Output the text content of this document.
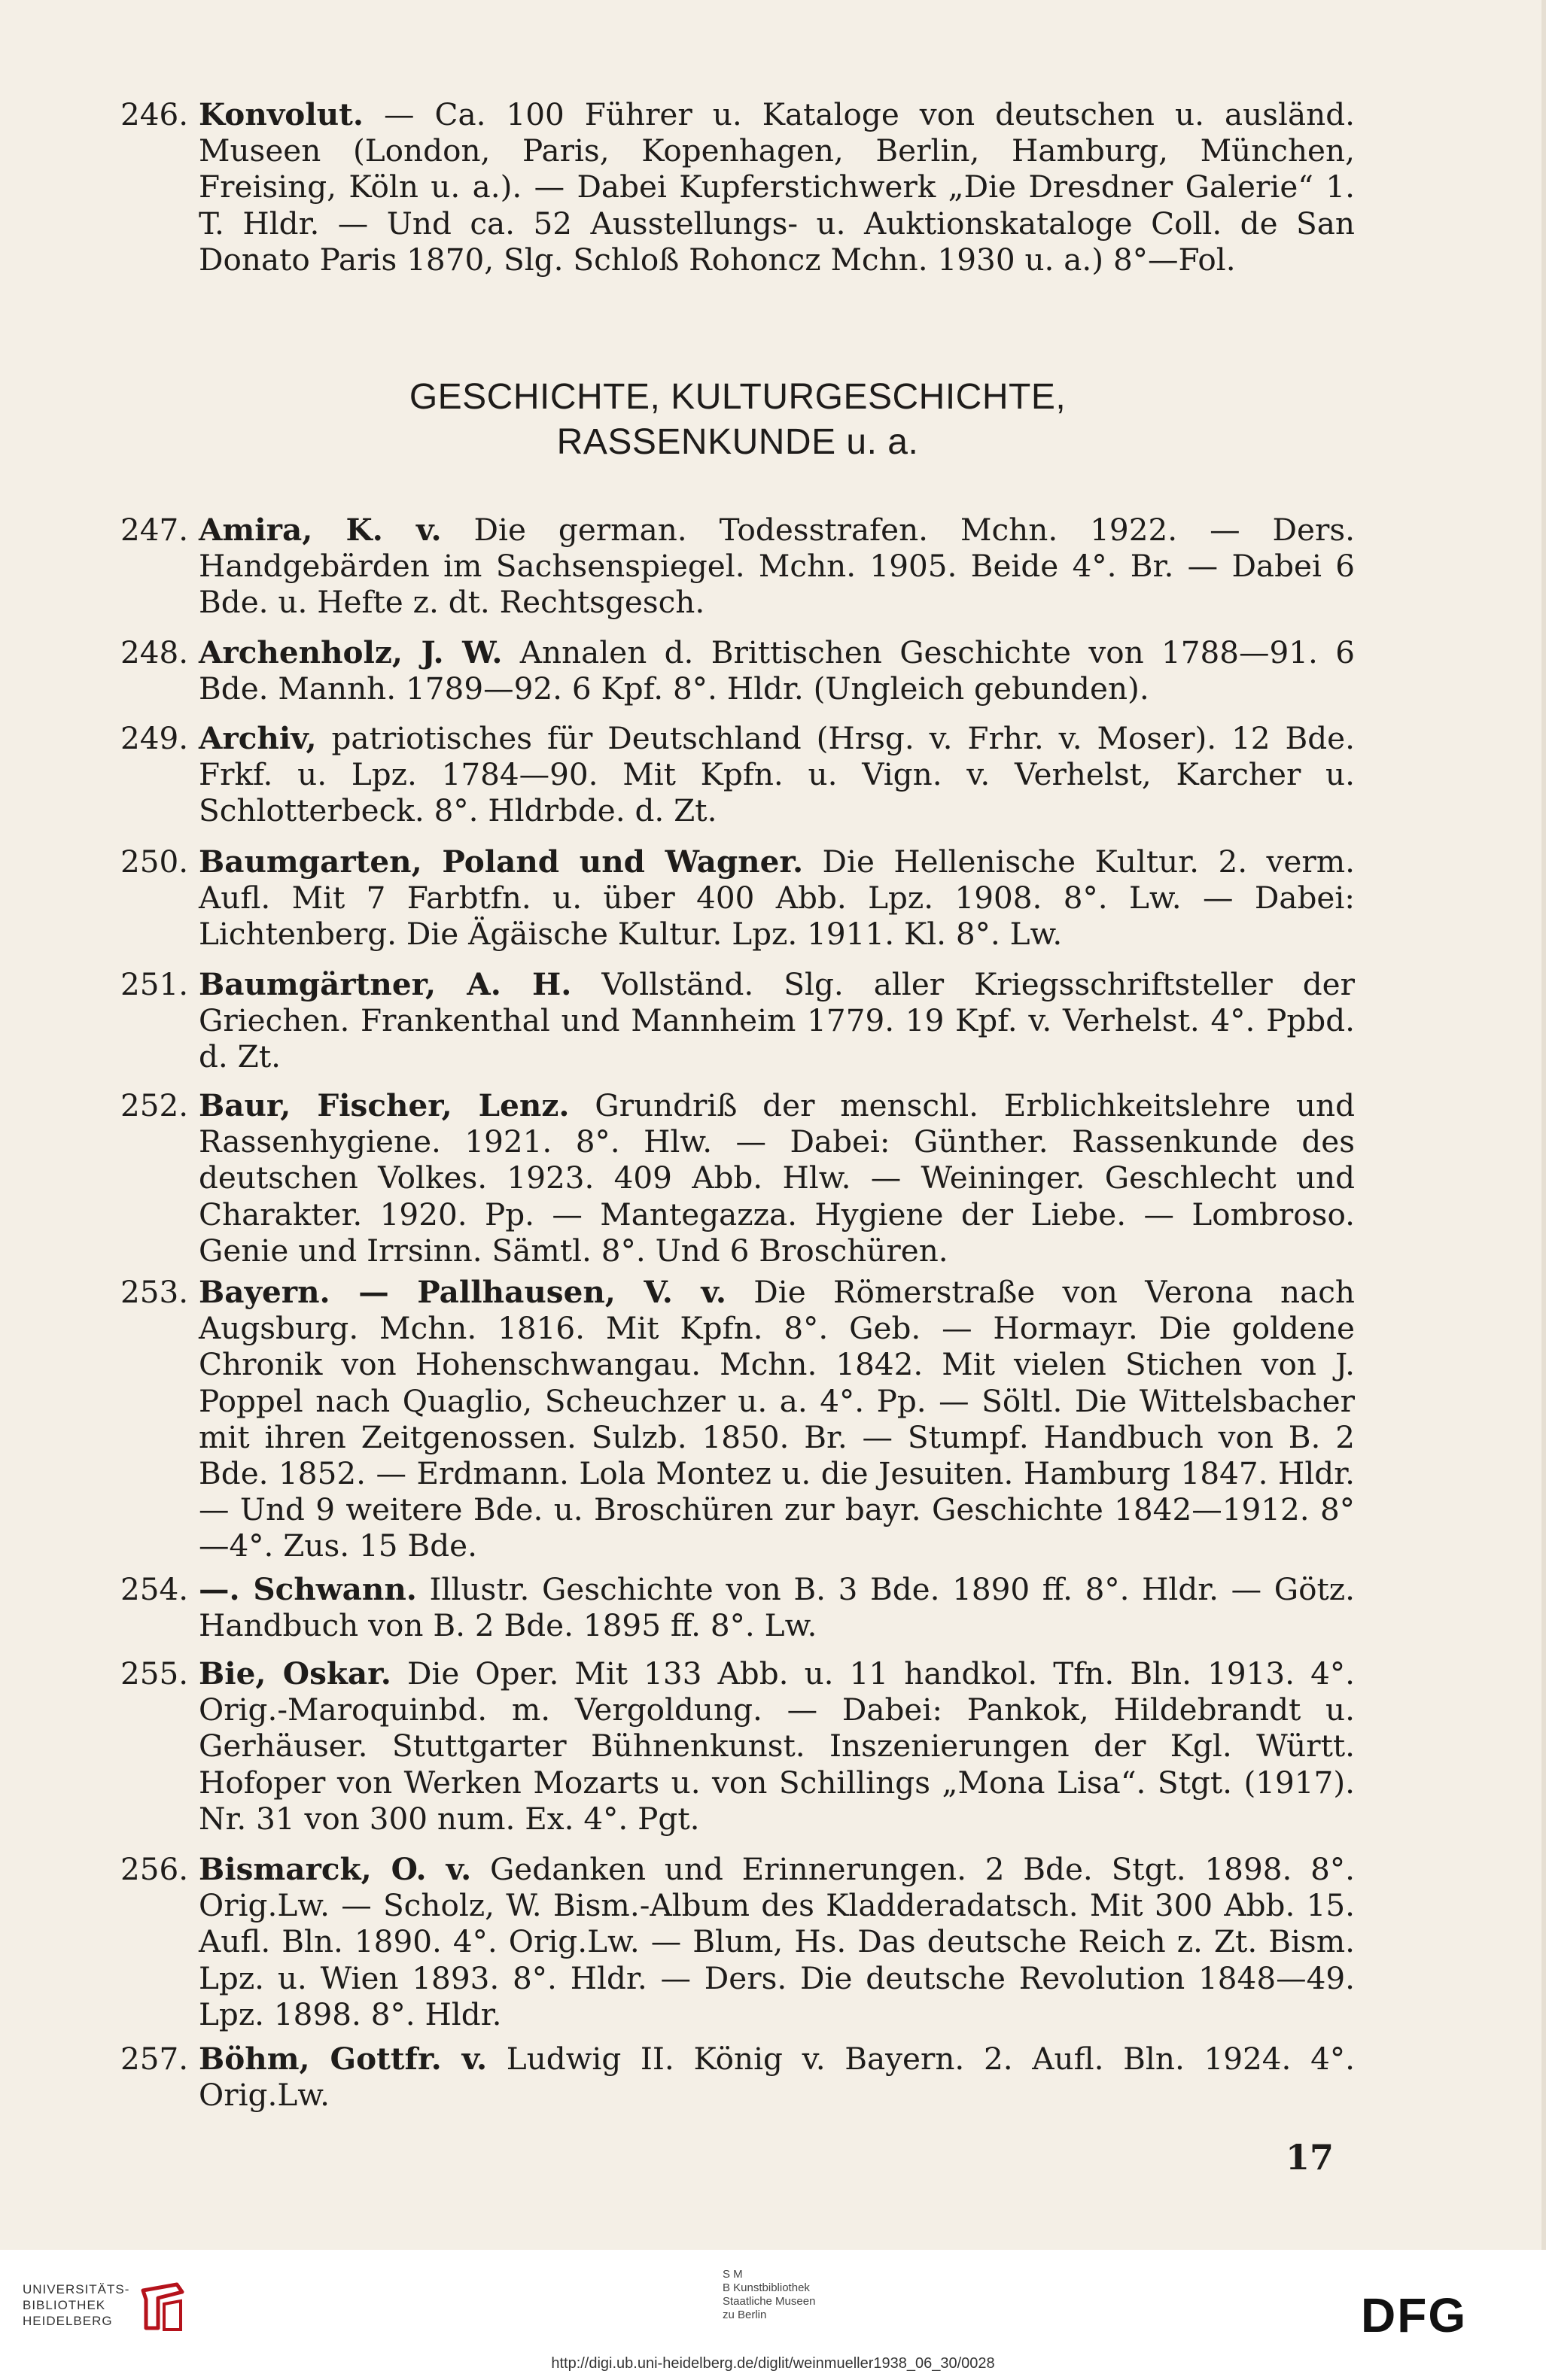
246. Konvolut. — Ca. 100 Führer u. Kataloge von deutschen u. ausländ. Museen (London, Paris, Kopenhagen, Berlin, Hamburg, München, Freising, Köln u. a.). — Dabei Kupferstichwerk „Die Dresdner Galerie“ 1. T. Hldr. — Und ca. 52 Ausstellungs- u. Auktionskataloge Coll. de San Donato Paris 1870, Slg. Schloß Rohoncz Mchn. 1930 u. a.) 8°—Fol.
GESCHICHTE, KULTURGESCHICHTE,
RASSENKUNDE u. a.
247. Amira, K. v. Die german. Todesstrafen. Mchn. 1922. — Ders. Handgebärden im Sachsenspiegel. Mchn. 1905. Beide 4°. Br. — Dabei 6 Bde. u. Hefte z. dt. Rechtsgesch.
248. Archenholz, J. W. Annalen d. Brittischen Geschichte von 1788—91. 6 Bde. Mannh. 1789—92. 6 Kpf. 8°. Hldr. (Ungleich gebunden).
249. Archiv, patriotisches für Deutschland (Hrsg. v. Frhr. v. Moser). 12 Bde. Frkf. u. Lpz. 1784—90. Mit Kpfn. u. Vign. v. Verhelst, Karcher u. Schlotterbeck. 8°. Hldrbde. d. Zt.
250. Baumgarten, Poland und Wagner. Die Hellenische Kultur. 2. verm. Aufl. Mit 7 Farbtfn. u. über 400 Abb. Lpz. 1908. 8°. Lw. — Dabei: Lichtenberg. Die Ägäische Kultur. Lpz. 1911. Kl. 8°. Lw.
251. Baumgärtner, A. H. Vollständ. Slg. aller Kriegsschriftsteller der Griechen. Frankenthal und Mannheim 1779. 19 Kpf. v. Verhelst. 4°. Ppbd. d. Zt.
252. Baur, Fischer, Lenz. Grundriß der menschl. Erblichkeitslehre und Rassenhygiene. 1921. 8°. Hlw. — Dabei: Günther. Rassenkunde des deutschen Volkes. 1923. 409 Abb. Hlw. — Weininger. Geschlecht und Charakter. 1920. Pp. — Mantegazza. Hygiene der Liebe. — Lombroso. Genie und Irrsinn. Sämtl. 8°. Und 6 Broschüren.
253. Bayern. — Pallhausen, V. v. Die Römerstraße von Verona nach Augsburg. Mchn. 1816. Mit Kpfn. 8°. Geb. — Hormayr. Die goldene Chronik von Hohenschwangau. Mchn. 1842. Mit vielen Stichen von J. Poppel nach Quaglio, Scheuchzer u. a. 4°. Pp. — Söltl. Die Wittelsbacher mit ihren Zeitgenossen. Sulzb. 1850. Br. — Stumpf. Handbuch von B. 2 Bde. 1852. — Erdmann. Lola Montez u. die Jesuiten. Hamburg 1847. Hldr. — Und 9 weitere Bde. u. Broschüren zur bayr. Geschichte 1842—1912. 8°—4°. Zus. 15 Bde.
254. —. Schwann. Illustr. Geschichte von B. 3 Bde. 1890 ff. 8°. Hldr. — Götz. Handbuch von B. 2 Bde. 1895 ff. 8°. Lw.
255. Bie, Oskar. Die Oper. Mit 133 Abb. u. 11 handkol. Tfn. Bln. 1913. 4°. Orig.-Maroquinbd. m. Vergoldung. — Dabei: Pankok, Hildebrandt u. Gerhäuser. Stuttgarter Bühnenkunst. Inszenierungen der Kgl. Württ. Hofoper von Werken Mozarts u. von Schillings „Mona Lisa“. Stgt. (1917). Nr. 31 von 300 num. Ex. 4°. Pgt.
256. Bismarck, O. v. Gedanken und Erinnerungen. 2 Bde. Stgt. 1898. 8°. Orig.Lw. — Scholz, W. Bism.-Album des Kladderadatsch. Mit 300 Abb. 15. Aufl. Bln. 1890. 4°. Orig.Lw. — Blum, Hs. Das deutsche Reich z. Zt. Bism. Lpz. u. Wien 1893. 8°. Hldr. — Ders. Die deutsche Revolution 1848—49. Lpz. 1898. 8°. Hldr.
257. Böhm, Gottfr. v. Ludwig II. König v. Bayern. 2. Aufl. Bln. 1924. 4°. Orig.Lw.
17
UNIVERSITÄTS-
BIBLIOTHEK
HEIDELBERG
S M
B Kunstbibliothek
Staatliche Museen
zu Berlin	DFG
http://digi.ub.uni-heidelberg.de/diglit/weinmueller1938_06_30/0028
